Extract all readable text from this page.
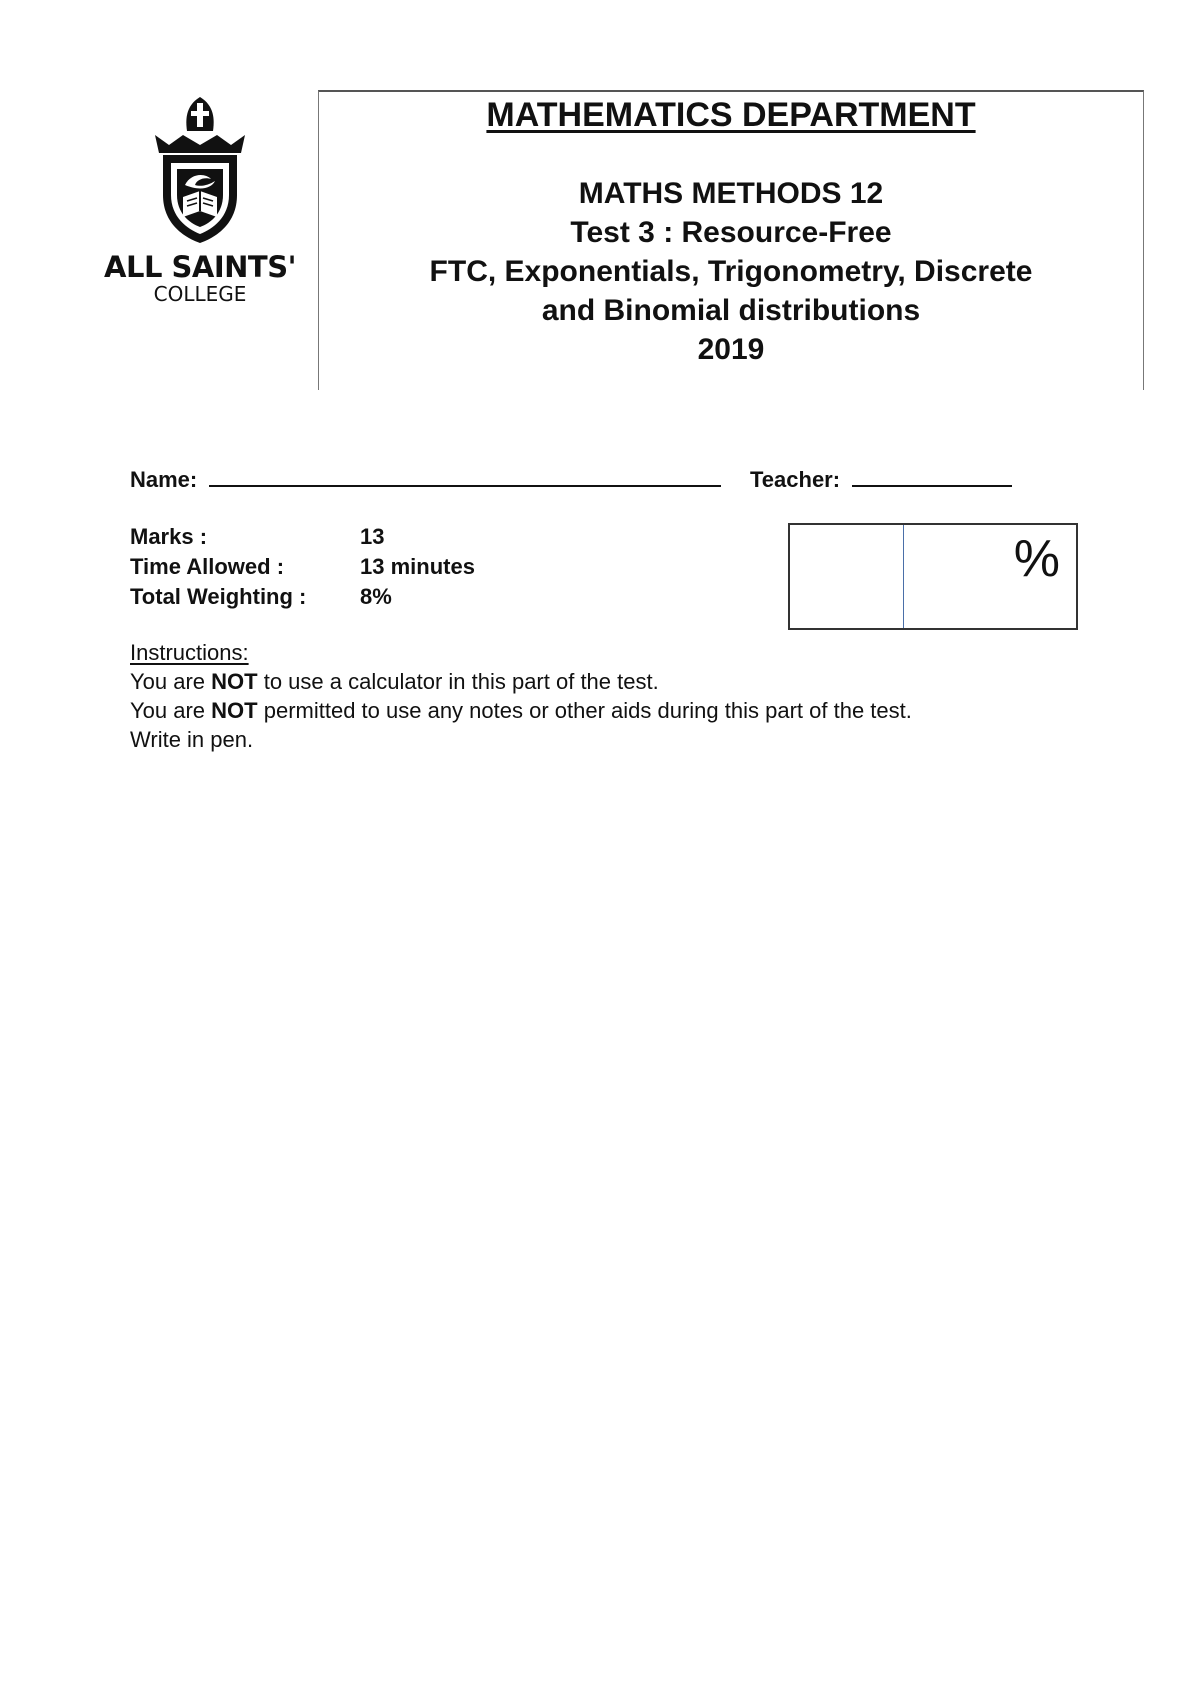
ALL SAINTS'
COLLEGE
MATHEMATICS DEPARTMENT
MATHS METHODS 12
Test 3 : Resource-Free
FTC, Exponentials, Trigonometry, Discrete
and Binomial distributions
2019
Name:	Teacher:
Marks :	13
Time Allowed :	13 minutes
Total Weighting : 8%
%
Instructions:
You are NOT to use a calculator in this part of the test.
You are NOT permitted to use any notes or other aids during this part of the test.
Write in pen.
